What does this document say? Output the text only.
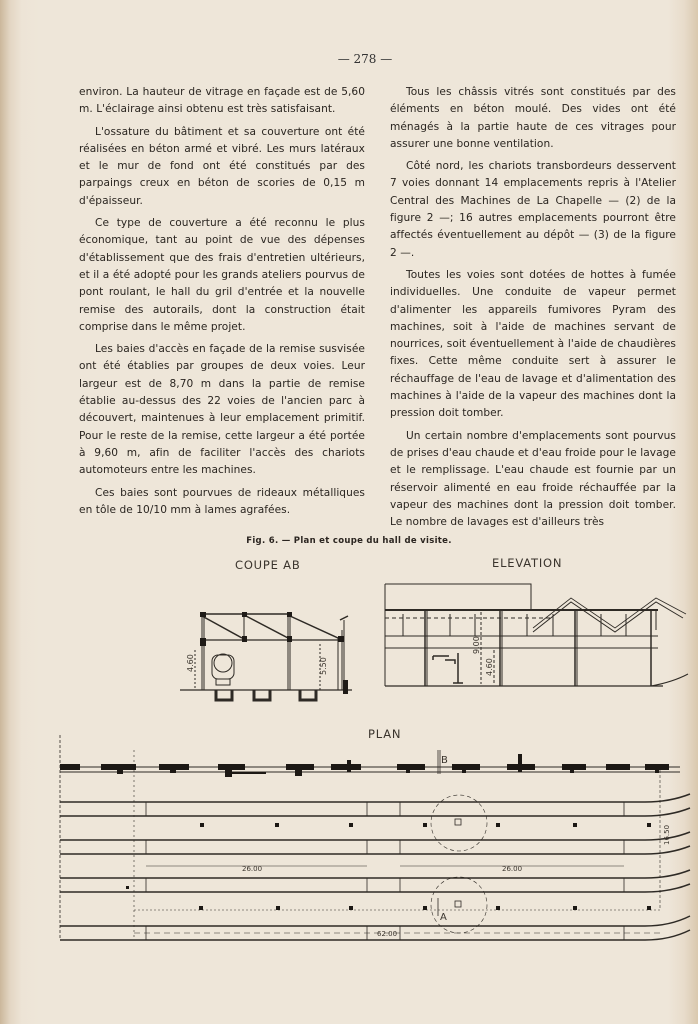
— 278 —

environ. La hauteur de vitrage en façade est de 5,60 m. L'éclairage ainsi obtenu est très satisfaisant.

L'ossature du bâtiment et sa couverture ont été réalisées en béton armé et vibré. Les murs latéraux et le mur de fond ont été constitués par des parpaings creux en béton de scories de 0,15 m d'épaisseur.

Ce type de couverture a été reconnu le plus économique, tant au point de vue des dépenses d'établissement que des frais d'entretien ultérieurs, et il a été adopté pour les grands ateliers pourvus de pont roulant, le hall du gril d'entrée et la nouvelle remise des autorails, dont la construction était comprise dans le même projet.

Les baies d'accès en façade de la remise susvisée ont été établies par groupes de deux voies. Leur largeur est de 8,70 m dans la partie de remise établie au-dessus des 22 voies de l'ancien parc à découvert, maintenues à leur emplacement primitif. Pour le reste de la remise, cette largeur a été portée à 9,60 m, afin de faciliter l'accès des chariots automoteurs entre les machines.

Ces baies sont pourvues de rideaux métalliques en tôle de 10/10 mm à lames agrafées.

Tous les châssis vitrés sont constitués par des éléments en béton moulé. Des vides ont été ménagés à la partie haute de ces vitrages pour assurer une bonne ventilation.

Côté nord, les chariots transbordeurs desservent 7 voies donnant 14 emplacements repris à l'Atelier Central des Machines de La Chapelle — (2) de la figure 2 —; 16 autres emplacements pourront être affectés éventuellement au dépôt — (3) de la figure 2 —.

Toutes les voies sont dotées de hottes à fumée individuelles. Une conduite de vapeur permet d'alimenter les appareils fumivores Pyram des machines, soit à l'aide de machines servant de nourrices, soit éventuellement à l'aide de chaudières fixes. Cette même conduite sert à assurer le réchauffage de l'eau de lavage et d'alimentation des machines à l'aide de la vapeur des machines dont la pression doit tomber.

Un certain nombre d'emplacements sont pourvus de prises d'eau chaude et d'eau froide pour le lavage et le remplissage. L'eau chaude est fournie par un réservoir alimenté en eau froide réchauffée par la vapeur des machines dont la pression doit tomber. Le nombre de lavages est d'ailleurs très

Fig. 6. — Plan et coupe du hall de visite.
COUPE AB	ELEVATION
PLAN
4.60	5.50
9.00
4.60
B
A
26.00	26.00
62.00
16.50
